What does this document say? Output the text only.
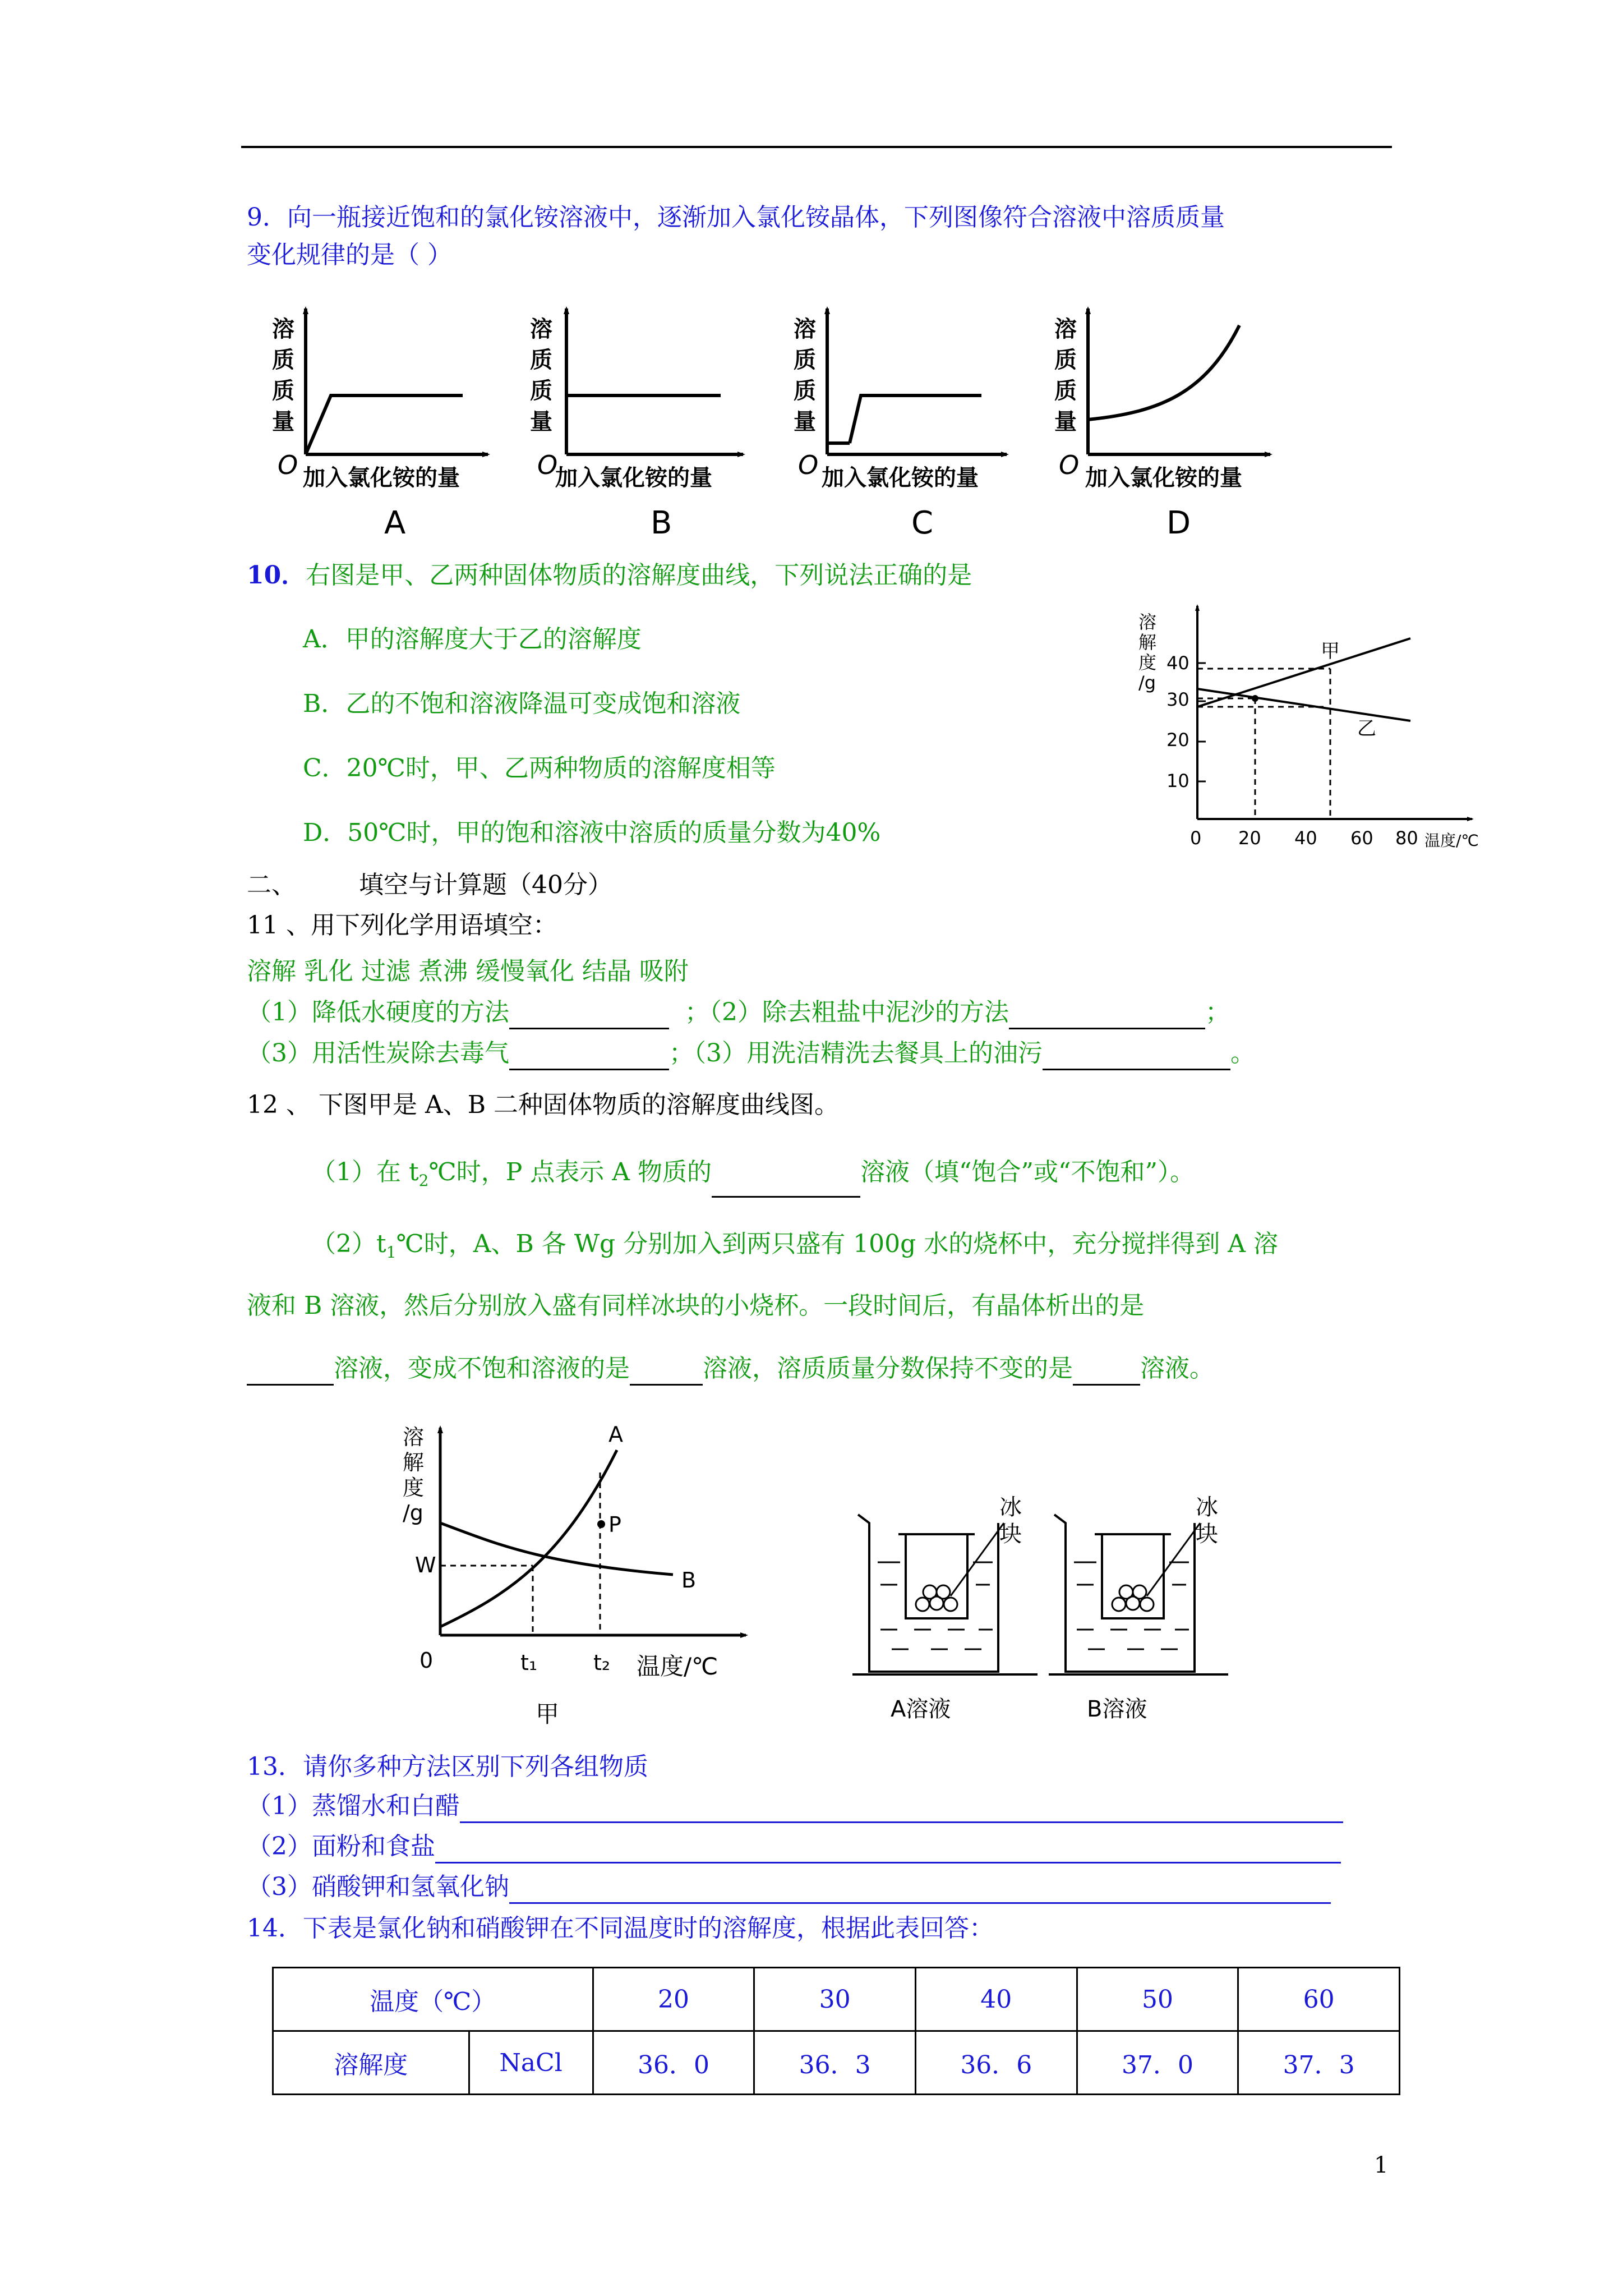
9．向一瓶接近饱和的氯化铵溶液中，逐渐加入氯化铵晶体，下列图像符合溶液中溶质质量
变化规律的是（ ）
溶
质
质
量
O 加入氯化铵的量
溶
质
质
量
O
加入氯化铵的量
溶
质
质
量
O 加入氯化铵的量
溶
质
质
量
O 加入氯化铵的量
A	B	C	D
10．右图是甲、乙两种固体物质的溶解度曲线，下列说法正确的是
A．甲的溶解度大于乙的溶解度
B．乙的不饱和溶液降温可变成饱和溶液
C．20℃时，甲、乙两种物质的溶解度相等
D．50℃时，甲的饱和溶液中溶质的质量分数为40%
溶
解
度
/g
10
20
30
40
0 20 40 60 80 温度/℃
甲
乙
二、	填空与计算题（40分）
11 、用下列化学用语填空：
溶解 乳化 过滤 煮沸 缓慢氧化 结晶 吸附
（1）降低水硬度的方法	；（2）除去粗盐中泥沙的方法	；
（3）用活性炭除去毒气	；（3）用洗洁精洗去餐具上的油污	。
12 、 下图甲是 A、B 二种固体物质的溶解度曲线图。
（1）在 $t_2℃$时，P 点表示 A 物质的	溶液（填“饱合”或“不饱和”）。
$(2)t_1℃$时，A、B 各 Wg 分别加入到两只盛有 100g 水的烧杯中，充分搅拌得到 A 溶
液和 B 溶液，然后分别放入盛有同样冰块的小烧杯。一段时间后，有晶体析出的是
溶液，变成不饱和溶液的是	溶液，溶质质量分数保持不变的是	溶液。
溶
解
度
/g
W
0	t₁	t₂ 温度/℃
A
B
P
甲
冰
块
A溶液
冰
块
B溶液
13．请你多种方法区别下列各组物质
（1）蒸馏水和白醋
（2）面粉和食盐
（3）硝酸钾和氢氧化钠
14．下表是氯化钠和硝酸钾在不同温度时的溶解度，根据此表回答：
温度（℃）		20	30	40	50	60
溶解度	NaCl	36．0	36．3	36．6	37．0	37．3
1
